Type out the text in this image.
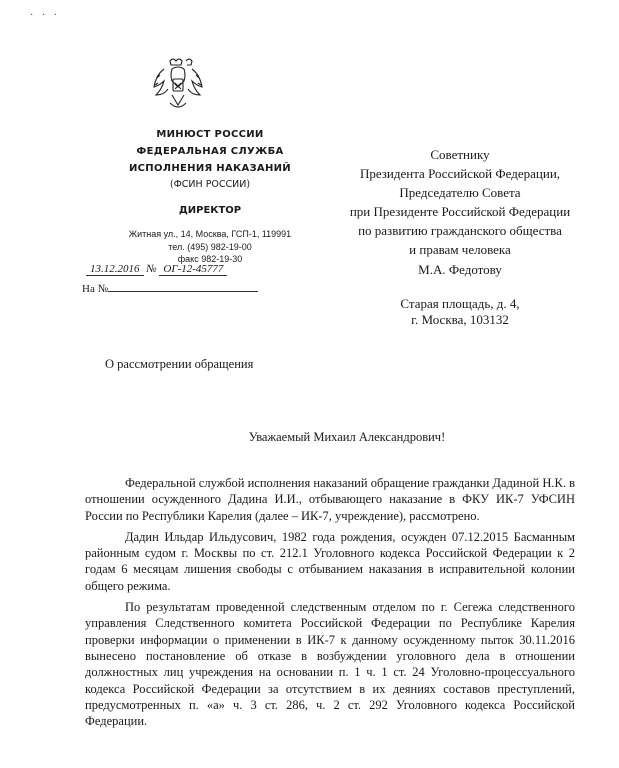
· · ·
МИНЮСТ РОССИИ
ФЕДЕРАЛЬНАЯ СЛУЖБА
ИСПОЛНЕНИЯ НАКАЗАНИЙ
(ФСИН РОССИИ)
ДИРЕКТОР
Житная ул., 14, Москва, ГСП-1, 119991
тел. (495) 982-19-00
факс 982-19-30
13.12.2016 № ОГ-12-45777
На №
Советнику
Президента Российской Федерации,
Председателю Совета
при Президенте Российской Федерации
по развитию гражданского общества
и правам человека
М.А. Федотову
Старая площадь, д. 4,
г. Москва, 103132
О рассмотрении обращения
Уважаемый Михаил Александрович!

Федеральной службой исполнения наказаний обращение гражданки Дадиной Н.К. в отношении осужденного Дадина И.И., отбывающего наказание в ФКУ ИК-7 УФСИН России по Республики Карелия (далее – ИК-7, учреждение), рассмотрено.

Дадин Ильдар Ильдусович, 1982 года рождения, осужден 07.12.2015 Басманным районным судом г. Москвы по ст. 212.1 Уголовного кодекса Российской Федерации к 2 годам 6 месяцам лишения свободы с отбыванием наказания в исправительной колонии общего режима.

По результатам проведенной следственным отделом по г. Сегежа следственного управления Следственного комитета Российской Федерации по Республике Карелия проверки информации о применении в ИК-7 к данному осужденному пыток 30.11.2016 вынесено постановление об отказе в возбуждении уголовного дела в отношении должностных лиц учреждения на основании п. 1 ч. 1 ст. 24 Уголовно-процессуального кодекса Российской Федерации за отсутствием в их деяниях составов преступлений, предусмотренных п. «а» ч. 3 ст. 286, ч. 2 ст. 292 Уголовного кодекса Российской Федерации.
